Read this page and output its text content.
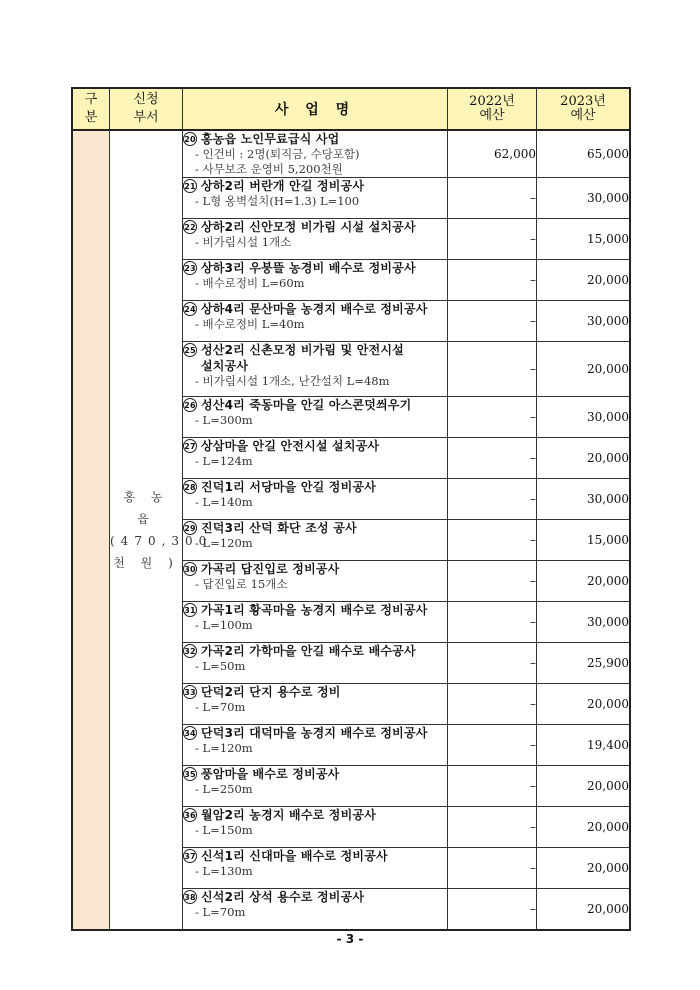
구
분

신청
부서	사 업 명	
2022년
예산

2023년
예산

홍 농 읍
(470,300
천 원 )

20 홍농읍 노인무료급식 사업
- 인건비 : 2명(퇴직금, 수당포함)
- 사무보조 운영비 5,200천원
	62,000	65,000

		21 상하2리 버란개 안길 정비공사
- L형 옹벽설치(H=1.3) L=100	–	30,000

		22 상하2리 신안모정 비가림 시설 설치공사
- 비가림시설 1개소	–	15,000

		23 상하3리 우붕뜰 농경비 배수로 정비공사
- 배수로정비 L=60m	–	20,000

		24 상하4리 문산마을 농경지 배수로 정비공사
- 배수로정비 L=40m	–	30,000

		25 성산2리 신촌모정 비가림 및 안전시설
설치공사
- 비가림시설 1개소, 난간설치 L=48m	–	20,000

		26 성산4리 죽동마을 안길 아스콘덧씌우기
- L=300m	–	30,000

		27 상삼마을 안길 안전시설 설치공사
- L=124m	–	20,000

		28 진덕1리 서당마을 안길 정비공사
- L=140m	–	30,000

		29 진덕3리 산덕 화단 조성 공사
- L=120m	–	15,000

		30 가곡리 답진입로 정비공사
- 답진입로 15개소	–	20,000

		31 가곡1리 황곡마을 농경지 배수로 정비공사
- L=100m	–	30,000

		32 가곡2리 가학마을 안길 배수로 배수공사
- L=50m	–	25,900

		33 단덕2리 단지 용수로 정비
- L=70m	–	20,000

		34 단덕3리 대덕마을 농경지 배수로 정비공사
- L=120m	–	19,400

		35 풍암마을 배수로 정비공사
- L=250m	–	20,000

		36 월암2리 농경지 배수로 정비공사
- L=150m	–	20,000

		37 신석1리 신대마을 배수로 정비공사
- L=130m	–	20,000

		38 신석2리 상석 용수로 정비공사
- L=70m	–	20,000
- 3 -
